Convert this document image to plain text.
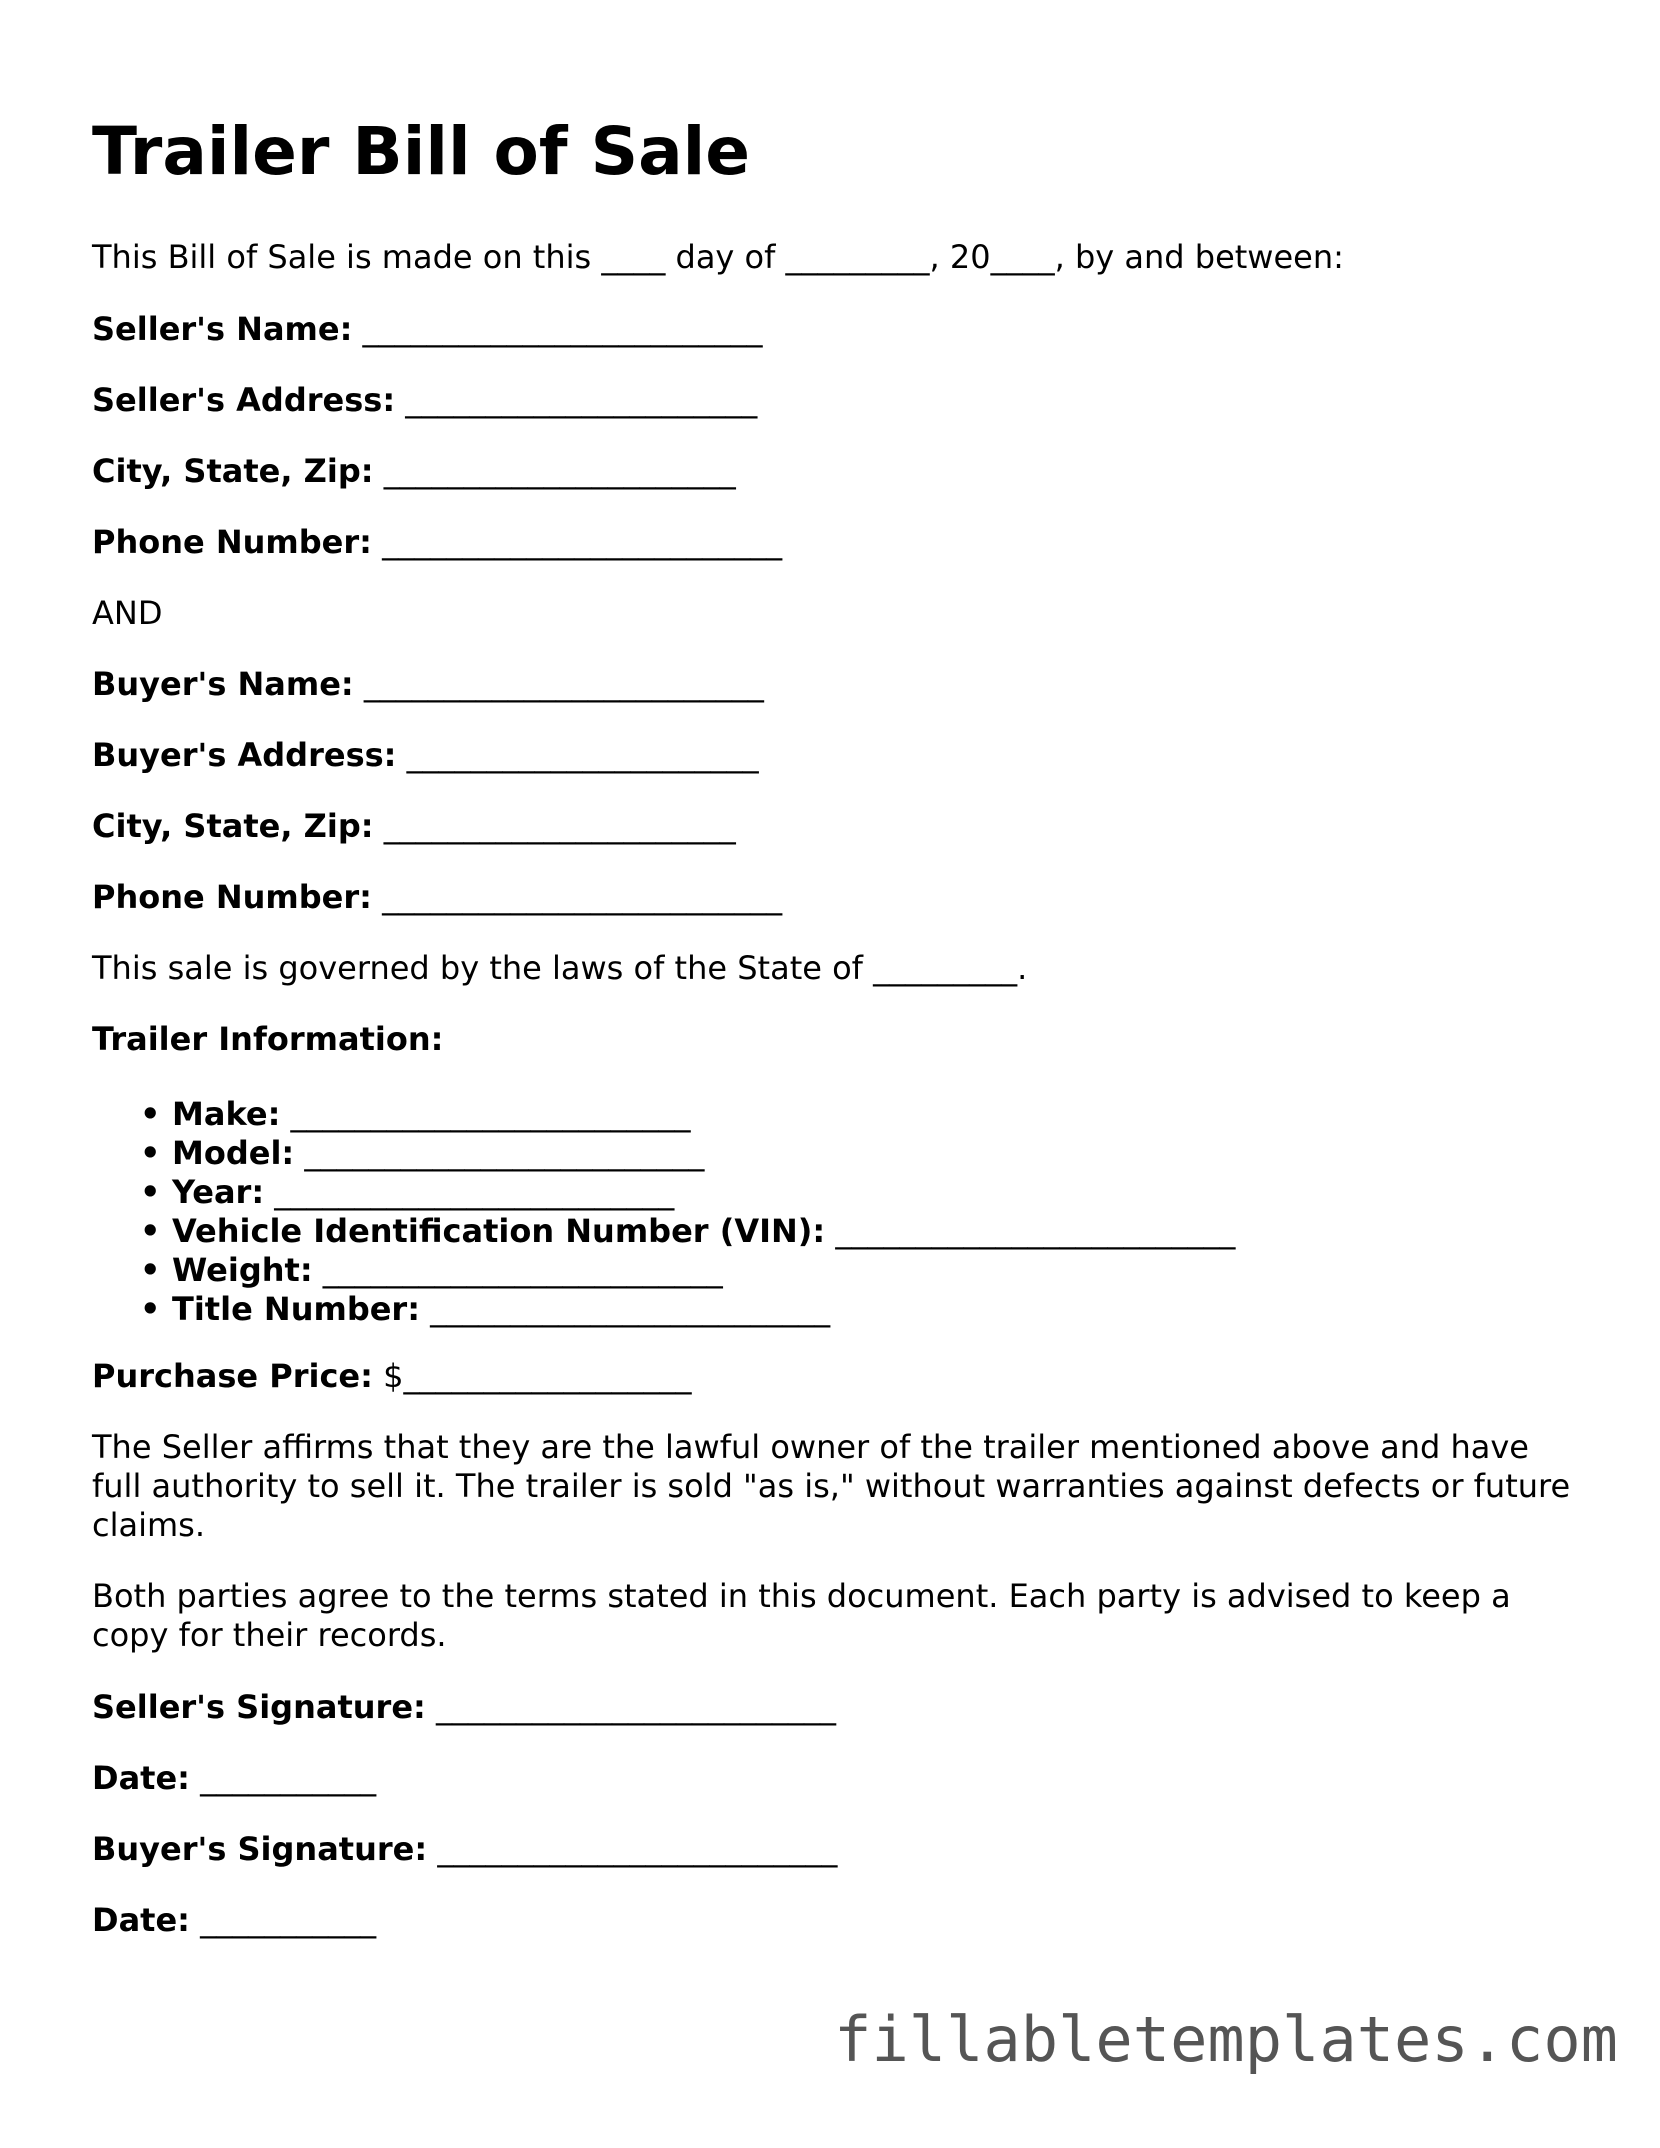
Trailer Bill of Sale

This Bill of Sale is made on this ____ day of _________, 20____, by and between:

Seller's Name: _________________________

Seller's Address: ______________________

City, State, Zip: ______________________

Phone Number: _________________________

AND

Buyer's Name: _________________________

Buyer's Address: ______________________

City, State, Zip: ______________________

Phone Number: _________________________

This sale is governed by the laws of the State of _________.

Trailer Information:

• Make: _________________________
• Model: _________________________
• Year: _________________________
• Vehicle Identification Number (VIN): _________________________
• Weight: _________________________
• Title Number: _________________________

Purchase Price: $__________________

The Seller affirms that they are the lawful owner of the trailer mentioned above and have full authority to sell it. The trailer is sold "as is," without warranties against defects or future claims.

Both parties agree to the terms stated in this document. Each party is advised to keep a copy for their records.

Seller's Signature: _________________________

Date: ___________

Buyer's Signature: _________________________

Date: ___________

fillabletemplates.com
